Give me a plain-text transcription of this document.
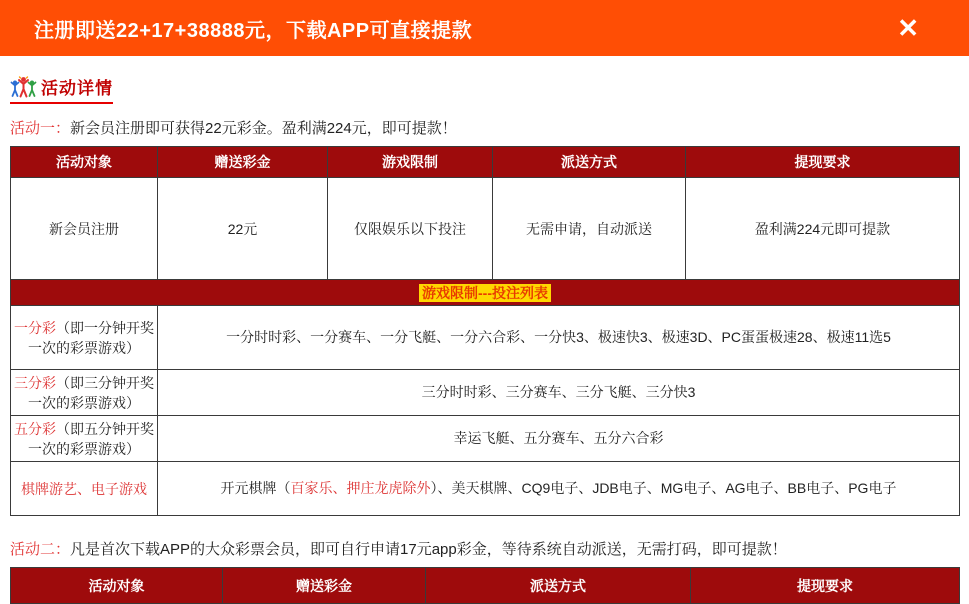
注册即送22+17+38888元，下载APP可直接提款	✕
活动详情
活动一：新会员注册即可获得22元彩金。盈利满224元，即可提款！
活动对象	赠送彩金	游戏限制	派送方式	提现要求
新会员注册	22元	仅限娱乐以下投注	无需申请，自动派送	盈利满224元即可提款
游戏限制---投注列表				
一分彩（即一分钟开奖一次的彩票游戏）	一分时时彩、一分赛车、一分飞艇、一分六合彩、一分快3、极速快3、极速3D、PC蛋蛋极速28、极速11选5			
三分彩（即三分钟开奖一次的彩票游戏）	三分时时彩、三分赛车、三分飞艇、三分快3			
五分彩（即五分钟开奖一次的彩票游戏）	幸运飞艇、五分赛车、五分六合彩			
棋牌游艺、电子游戏	开元棋牌（百家乐、押庄龙虎除外）、美天棋牌、CQ9电子、JDB电子、MG电子、AG电子、BB电子、PG电子			
活动二：凡是首次下载APP的大众彩票会员，即可自行申请17元app彩金，等待系统自动派送，无需打码，即可提款！
活动对象	赠送彩金	派送方式	提现要求
